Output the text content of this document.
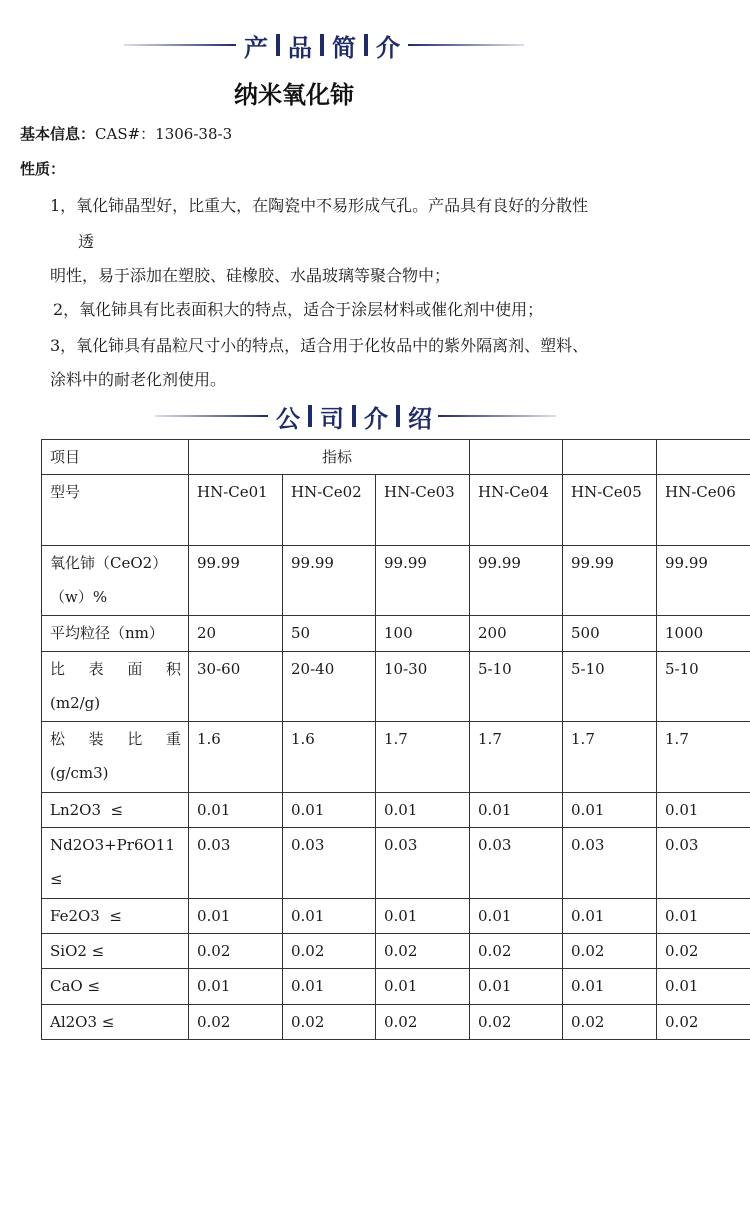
产 品 简 介
纳米氧化铈
基本信息：CAS#：1306-38-3
性质：
1，氧化铈晶型好，比重大，在陶瓷中不易形成气孔。产品具有良好的分散性
透
明性，易于添加在塑胶、硅橡胶、水晶玻璃等聚合物中；
2，氧化铈具有比表面积大的特点，适合于涂层材料或催化剂中使用；
3，氧化铈具有晶粒尺寸小的特点，适合用于化妆品中的紫外隔离剂、塑料、
涂料中的耐老化剂使用。
公 司 介 绍
项目	指标					
型号	HN-Ce01	HN-Ce02	HN-Ce03	HN-Ce04	HN-Ce05	HN-Ce06

氧化铈（CeO2）
（w）%	99.99	99.99	99.99	99.99	99.99	99.99
平均粒径（nm）	20	50	100	200	500	1000

比 表 面 积
(m2/g)	30-60	20-40	10-30	5-10	5-10	5-10

松 装 比 重
(g/cm3)	1.6	1.6	1.7	1.7	1.7	1.7
Ln2O3  ≤	0.01	0.01	0.01	0.01	0.01	0.01

Nd2O3+Pr6O11
≤	0.03	0.03	0.03	0.03	0.03	0.03
Fe2O3  ≤	0.01	0.01	0.01	0.01	0.01	0.01
SiO2 ≤	0.02	0.02	0.02	0.02	0.02	0.02
CaO ≤	0.01	0.01	0.01	0.01	0.01	0.01
Al2O3 ≤	0.02	0.02	0.02	0.02	0.02	0.02
